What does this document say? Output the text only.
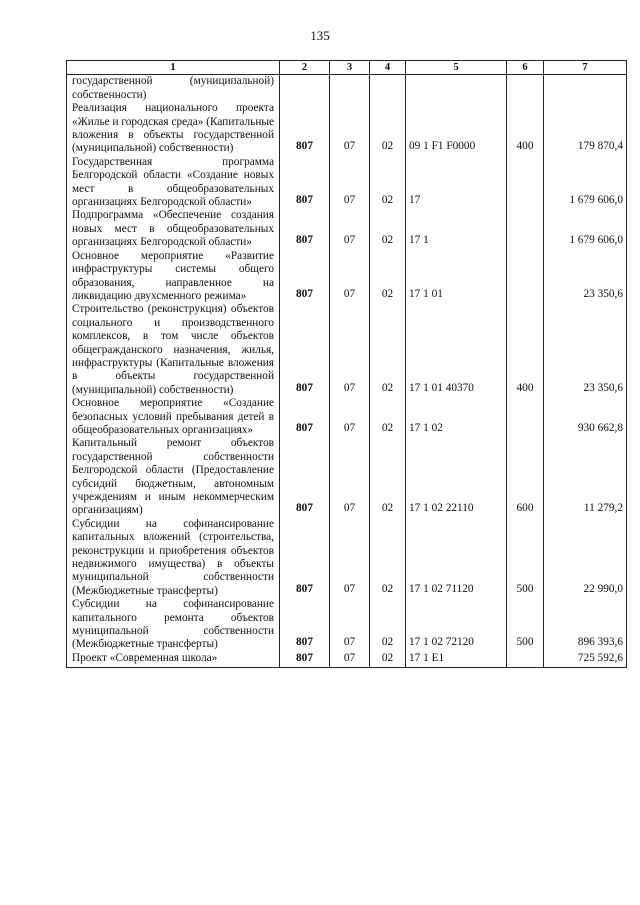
135
1	2	3	4	5	6	7
государственной (муниципальной) собственности)						
Реализация национального проекта «Жилье и городская среда» (Капитальные вложения в объекты государственной (муниципальной) собственности)	807	07	02	09 1 F1 F0000	400	179 870,4
Государственная программа Белгородской области «Создание новых мест в общеобразовательных организациях Белгородской области»	807	07	02	17		1 679 606,0
Подпрограмма «Обеспечение создания новых мест в общеобразовательных организациях Белгородской области»	807	07	02	17 1		1 679 606,0
Основное мероприятие «Развитие инфраструктуры системы общего образования, направленное на ликвидацию двухсменного режима»	807	07	02	17 1 01		23 350,6
Строительство (реконструкция) объектов социального и производственного комплексов, в том числе объектов общегражданского назначения, жилья, инфраструктуры (Капитальные вложения в объекты государственной (муниципальной) собственности)	807	07	02	17 1 01 40370	400	23 350,6
Основное мероприятие «Создание безопасных условий пребывания детей в общеобразовательных организациях»	807	07	02	17 1 02		930 662,8
Капитальный ремонт объектов государственной собственности Белгородской области (Предоставление субсидий бюджетным, автономным учреждениям и иным некоммерческим организациям)	807	07	02	17 1 02 22110	600	11 279,2
Субсидии на софинансирование капитальных вложений (строительства, реконструкции и приобретения объектов недвижимого имущества) в объекты муниципальной собственности (Межбюджетные трансферты)	807	07	02	17 1 02 71120	500	22 990,0
Субсидии на софинансирование капитального ремонта объектов муниципальной собственности (Межбюджетные трансферты)	807	07	02	17 1 02 72120	500	896 393,6
Проект «Современная школа»	807	07	02	17 1 E1		725 592,6
